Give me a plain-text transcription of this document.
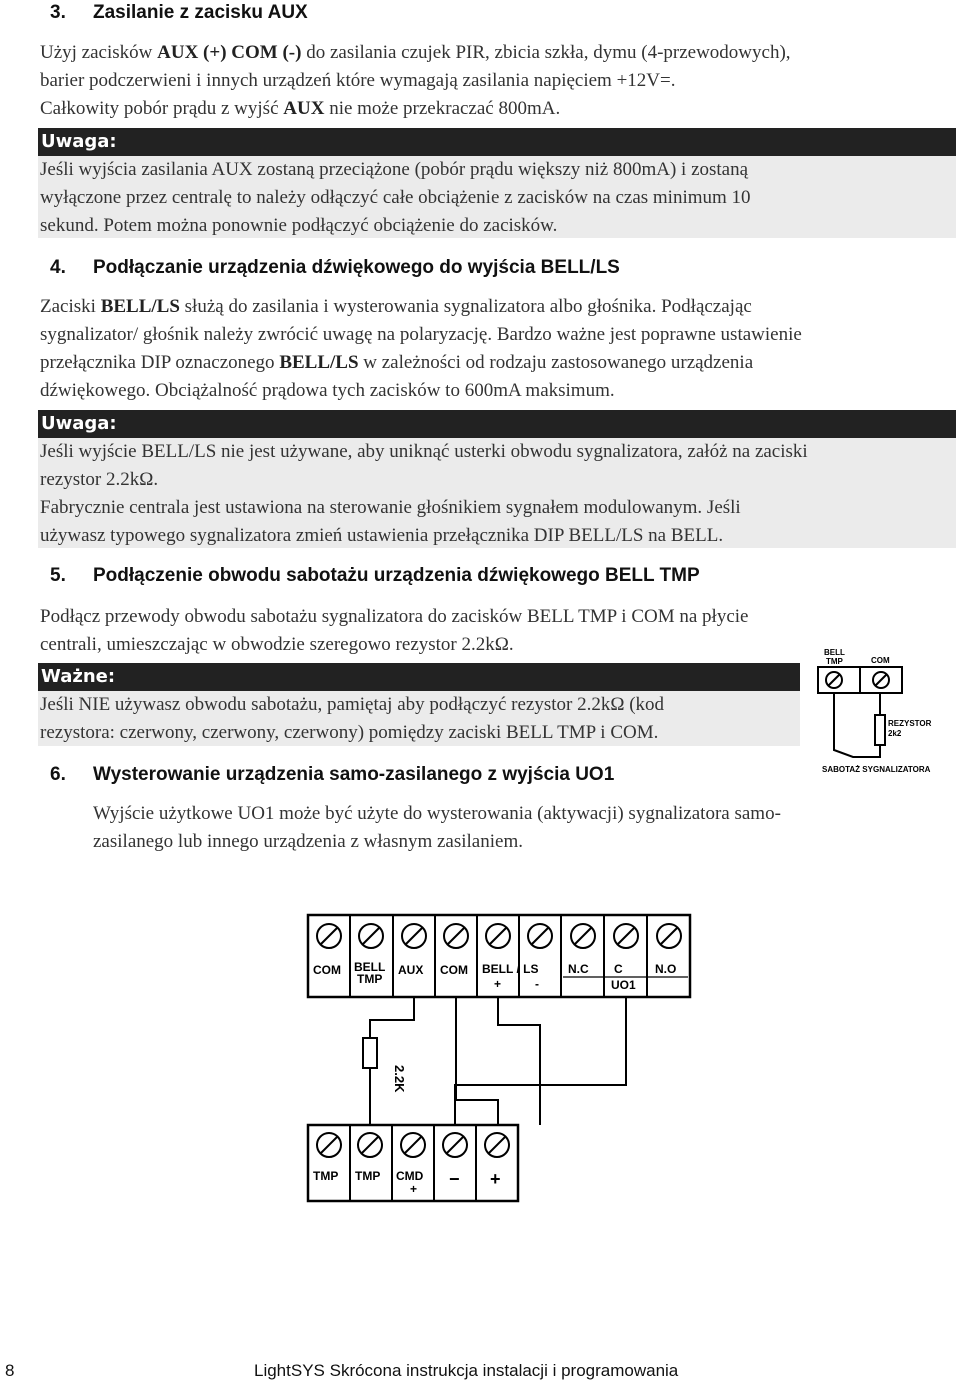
3. Zasilanie z zacisku AUX
Użyj zacisków AUX (+) COM (-) do zasilania czujek PIR, zbicia szkła, dymu (4-przewodowych),
barier podczerwieni i innych urządzeń które wymagają zasilania napięciem +12V=.
Całkowity pobór prądu z wyjść AUX nie może przekraczać 800mA.
Uwaga:
Jeśli wyjścia zasilania AUX zostaną przeciążone (pobór prądu większy niż 800mA) i zostaną
wyłączone przez centralę to należy odłączyć całe obciążenie z zacisków na czas minimum 10
sekund. Potem można ponownie podłączyć obciążenie do zacisków.
4. Podłączanie urządzenia dźwiękowego do wyjścia BELL/LS
Zaciski BELL/LS służą do zasilania i wysterowania sygnalizatora albo głośnika. Podłączając
sygnalizator/ głośnik należy zwrócić uwagę na polaryzację. Bardzo ważne jest poprawne ustawienie
przełącznika DIP oznaczonego BELL/LS w zależności od rodzaju zastosowanego urządzenia
dźwiękowego. Obciążalność prądowa tych zacisków to 600mA maksimum.
Uwaga:
Jeśli wyjście BELL/LS nie jest używane, aby uniknąć usterki obwodu sygnalizatora, załóż na zaciski
rezystor 2.2kΩ.
Fabrycznie centrala jest ustawiona na sterowanie głośnikiem sygnałem modulowanym. Jeśli
używasz typowego sygnalizatora zmień ustawienia przełącznika DIP BELL/LS na BELL.
5. Podłączenie obwodu sabotażu urządzenia dźwiękowego BELL TMP
Podłącz przewody obwodu sabotażu sygnalizatora do zacisków BELL TMP i COM na płycie
centrali, umieszczając w obwodzie szeregowo rezystor 2.2kΩ.
Ważne:
Jeśli NIE używasz obwodu sabotażu, pamiętaj aby podłączyć rezystor 2.2kΩ (kod
rezystora: czerwony, czerwony, czerwony) pomiędzy zaciski BELL TMP i COM.
BELL
TMP	COM
REZYSTOR
2k2
SABOTAŻ SYGNALIZATORA
6. Wysterowanie urządzenia samo-zasilanego z wyjścia UO1
Wyjście użytkowe UO1 może być użyte do wysterowania (aktywacji) sygnalizatora samo-
zasilanego lub innego urządzenia z własnym zasilaniem.
COM BELL
TMP
AUX COM BELL / LS
+	-
N.C C	N.O
UO1
2.2K
TMP TMP CMD
+ − +
8	LightSYS Skrócona instrukcja instalacji i programowania
